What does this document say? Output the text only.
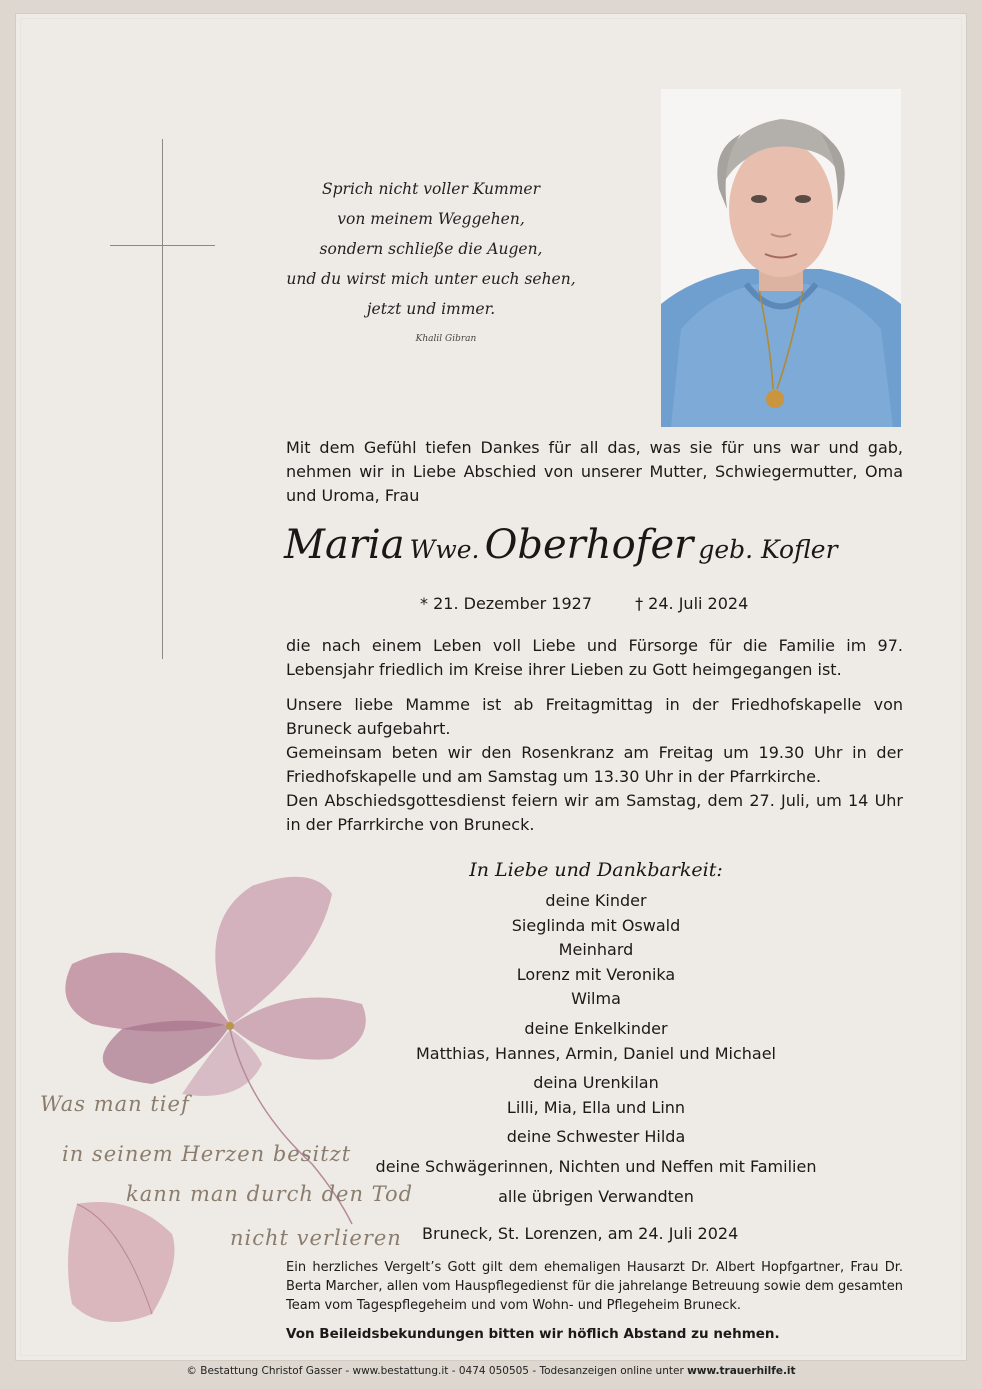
Sprich nicht voller Kummer
von meinem Weggehen,
sondern schließe die Augen,
und du wirst mich unter euch sehen,
jetzt und immer.
Khalil Gibran
Mit dem Gefühl tiefen Dankes für all das, was sie für uns war und gab, nehmen wir in Liebe Abschied von unserer Mutter, Schwiegermutter, Oma und Uroma, Frau
Maria Wwe. Oberhofer geb. Kofler
* 21. Dezember 1927	† 24. Juli 2024
die nach einem Leben voll Liebe und Fürsorge für die Familie im 97. Lebensjahr friedlich im Kreise ihrer Lieben zu Gott heimgegangen ist.
Unsere liebe Mamme ist ab Freitagmittag in der Friedhofskapelle von Bruneck aufgebahrt.
Gemeinsam beten wir den Rosenkranz am Freitag um 19.30 Uhr in der Friedhofskapelle und am Samstag um 13.30 Uhr in der Pfarrkirche.
Den Abschiedsgottesdienst feiern wir am Samstag, dem 27. Juli, um 14 Uhr in der Pfarrkirche von Bruneck.
Was man tief
in seinem Herzen besitzt
kann man durch den Tod
nicht verlieren
In Liebe und Dankbarkeit:
deine Kinder
Sieglinda mit Oswald
Meinhard
Lorenz mit Veronika
Wilma
deine Enkelkinder
Matthias, Hannes, Armin, Daniel und Michael
deina Urenkilan
Lilli, Mia, Ella und Linn
deine Schwester Hilda
deine Schwägerinnen, Nichten und Neffen mit Familien
alle übrigen Verwandten
Bruneck, St. Lorenzen, am 24. Juli 2024
Ein herzliches Vergelt’s Gott gilt dem ehemaligen Hausarzt Dr. Albert Hopfgartner, Frau Dr. Berta Marcher, allen vom Hauspflegedienst für die jahrelange Betreuung sowie dem gesamten Team vom Tagespflegeheim und vom Wohn- und Pflegeheim Bruneck.
Von Beileidsbekundungen bitten wir höflich Abstand zu nehmen.
© Bestattung Christof Gasser - www.bestattung.it - 0474 050505 - Todesanzeigen online unter www.trauerhilfe.it
